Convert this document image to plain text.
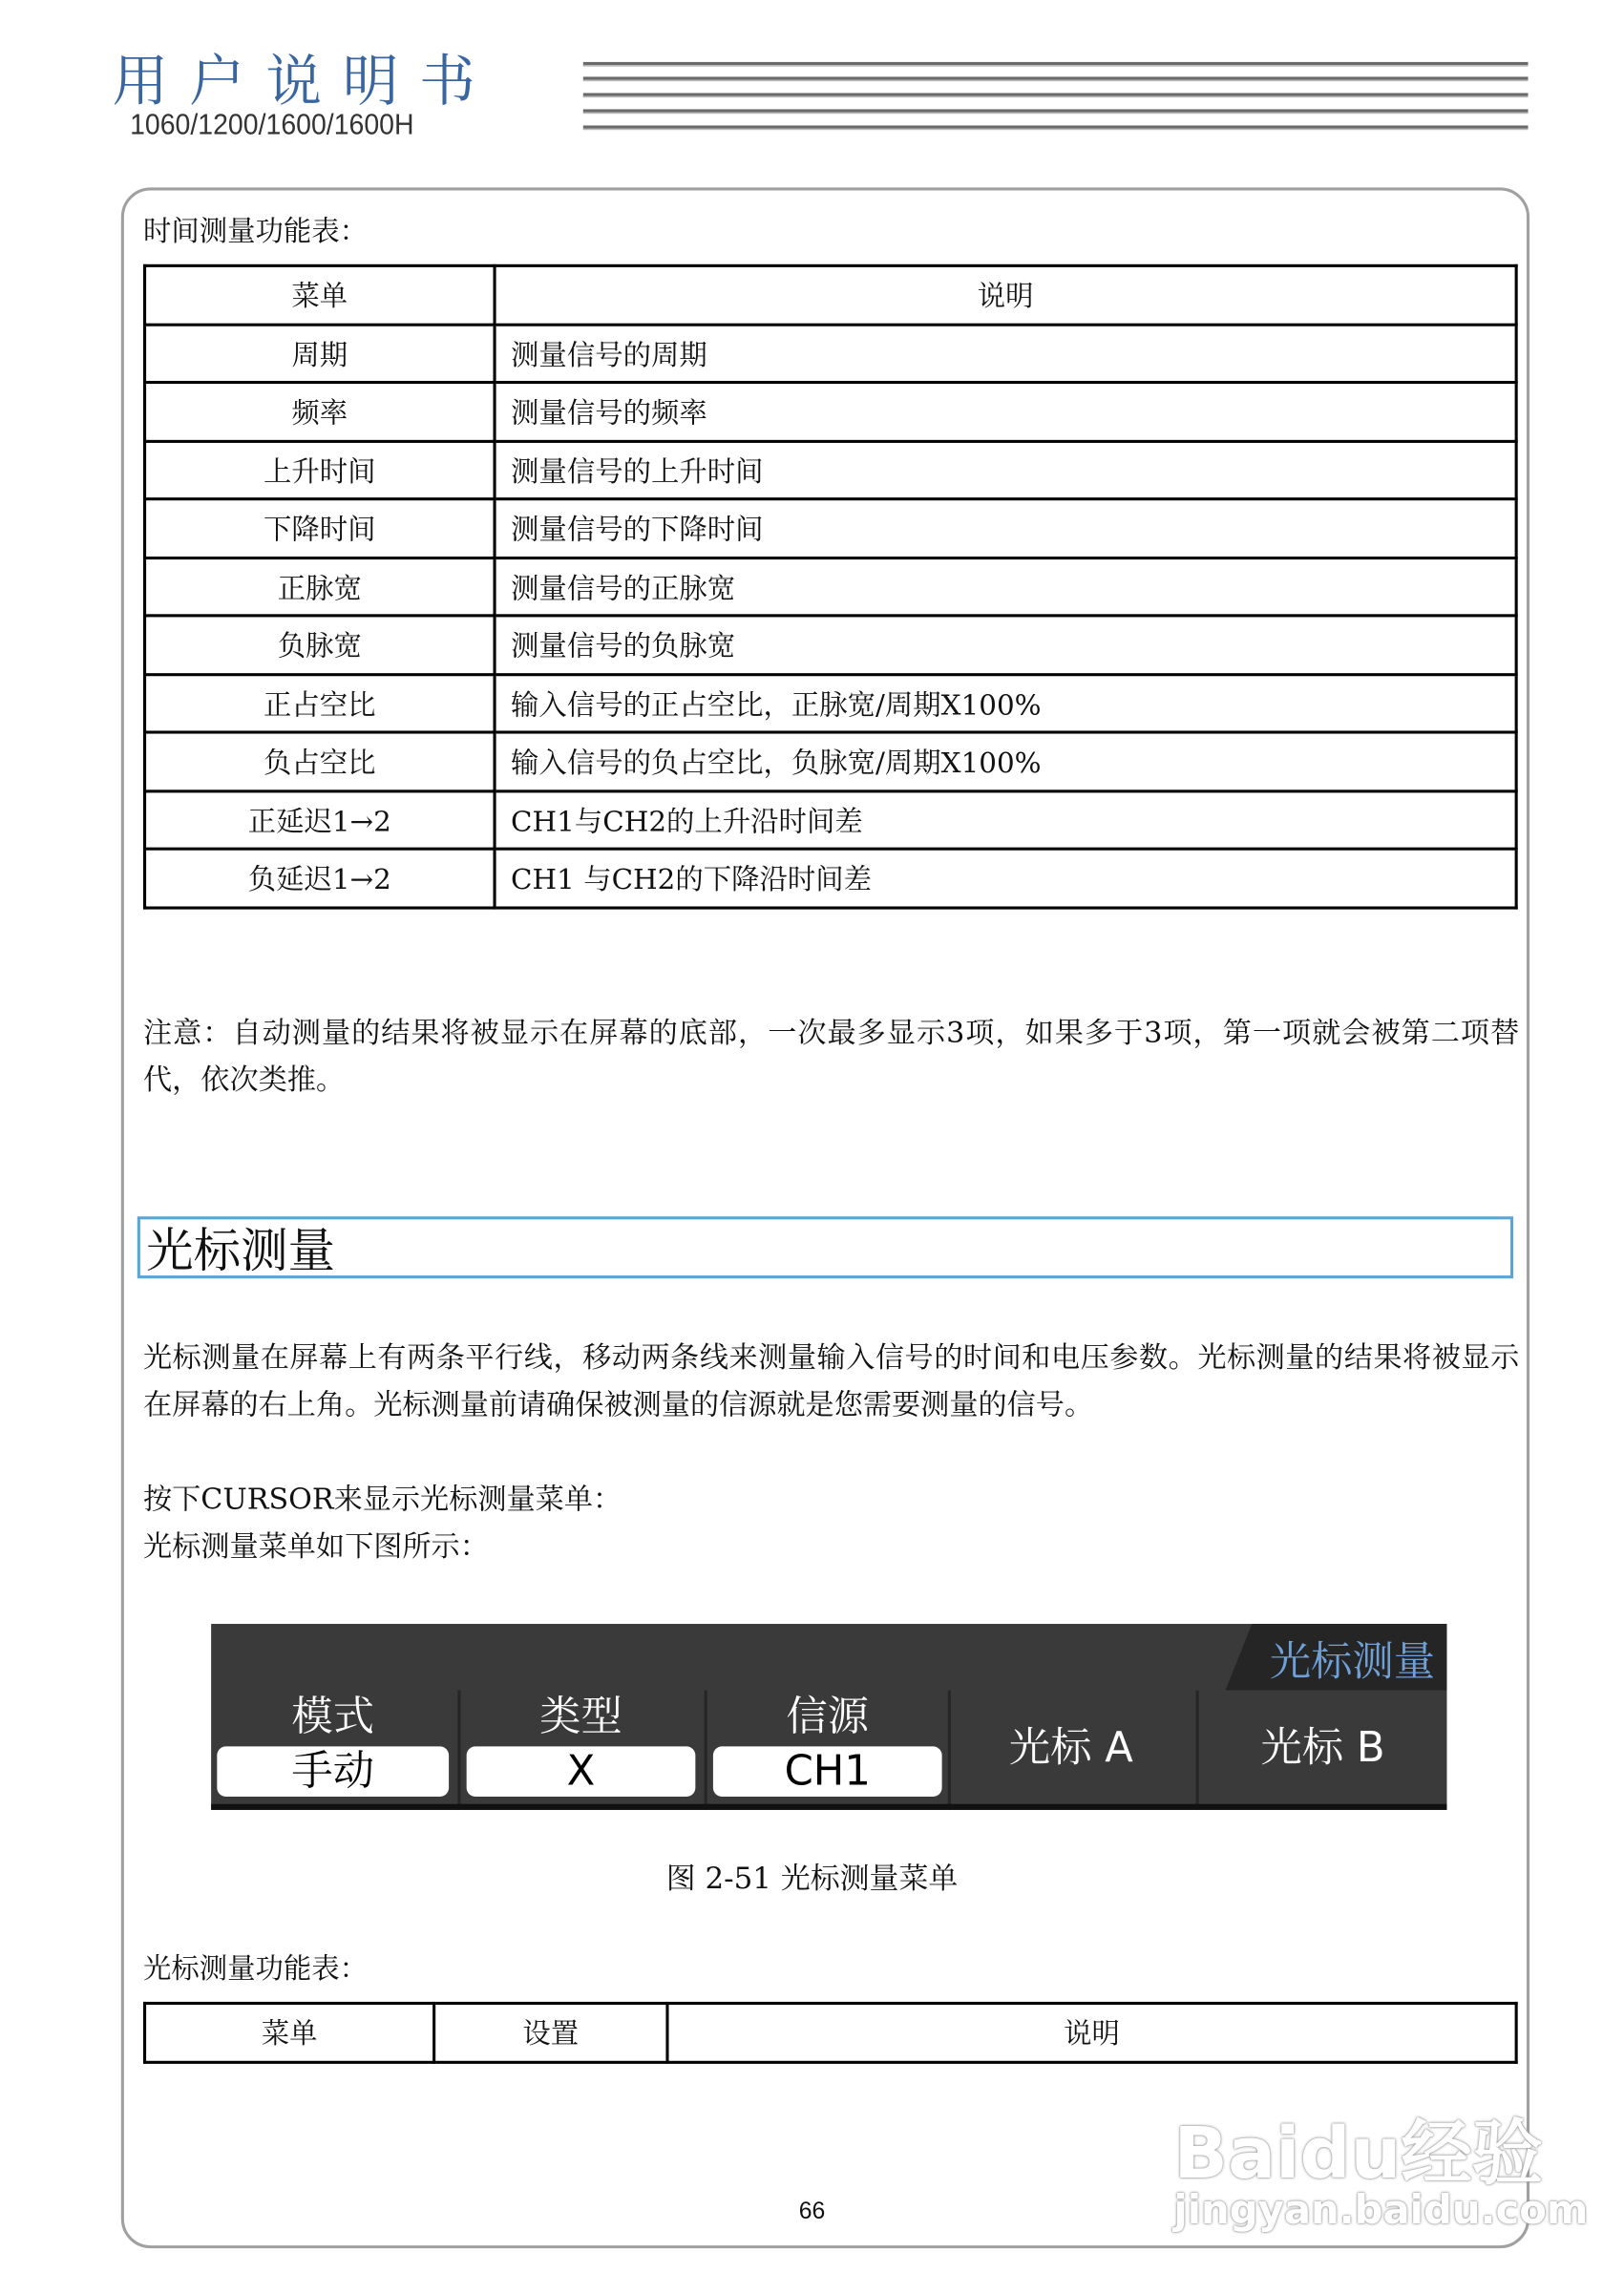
用户说明书
1060/1200/1600/1600H
时间测量功能表：
菜单	说明
周期	测量信号的周期
频率	测量信号的频率
上升时间	测量信号的上升时间
下降时间	测量信号的下降时间
正脉宽	测量信号的正脉宽
负脉宽	测量信号的负脉宽
正占空比	输入信号的正占空比，正脉宽/周期X100%
负占空比	输入信号的负占空比，负脉宽/周期X100%
正延迟1→2	CH1与CH2的上升沿时间差
负延迟1→2	CH1 与CH2的下降沿时间差
注意：自动测量的结果将被显示在屏幕的底部，一次最多显示3项，如果多于3项，第一项就会被第二项替代，依次类推。
光标测量
光标测量在屏幕上有两条平行线，移动两条线来测量输入信号的时间和电压参数。光标测量的结果将被显示在屏幕的右上角。光标测量前请确保被测量的信源就是您需要测量的信号。
按下CURSOR来显示光标测量菜单：
光标测量菜单如下图所示：
光标测量
模式
手动
类型
X
信源
CH1	光标 A	光标 B
图 2-51 光标测量菜单
光标测量功能表：
菜单	设置	说明
66
Baidu经验
jingyan.baidu.com
